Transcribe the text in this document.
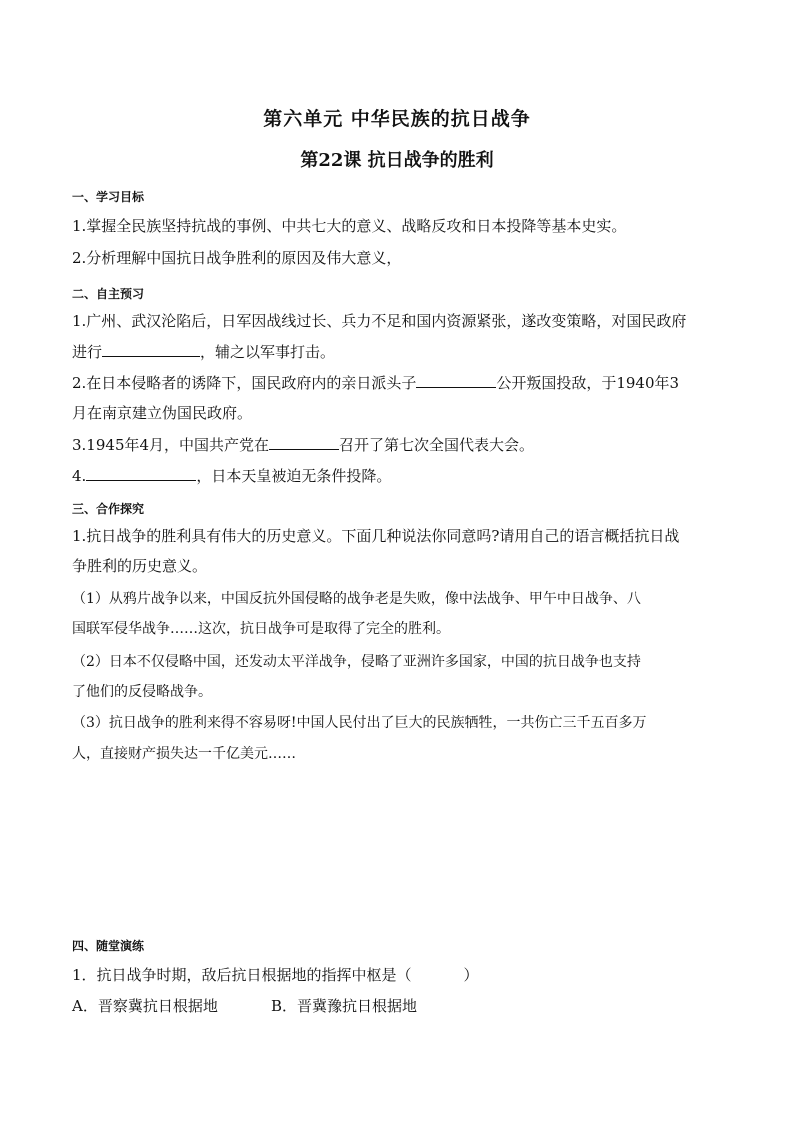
第六单元 中华民族的抗日战争
第22课 抗日战争的胜利
一、学习目标
1.掌握全民族坚持抗战的事例、中共七大的意义、战略反攻和日本投降等基本史实。
2.分析理解中国抗日战争胜利的原因及伟大意义，
二、自主预习
1.广州、武汉沦陷后，日军因战线过长、兵力不足和国内资源紧张，遂改变策略，对国民政府
进行	，辅之以军事打击。
2.在日本侵略者的诱降下，国民政府内的亲日派头子	公开叛国投敌，于1940年3
月在南京建立伪国民政府。
3.1945年4月，中国共产党在	召开了第七次全国代表大会。
4.	，日本天皇被迫无条件投降。
三、合作探究
1.抗日战争的胜利具有伟大的历史意义。下面几种说法你同意吗?请用自己的语言概括抗日战
争胜利的历史意义。
（1）从鸦片战争以来，中国反抗外国侵略的战争老是失败，像中法战争、甲午中日战争、八
国联军侵华战争……这次，抗日战争可是取得了完全的胜利。
（2）日本不仅侵略中国，还发动太平洋战争，侵略了亚洲许多国家，中国的抗日战争也支持
了他们的反侵略战争。
（3）抗日战争的胜利来得不容易呀!中国人民付出了巨大的民族牺牲，一共伤亡三千五百多万
人，直接财产损失达一千亿美元……
四、随堂演练
1．抗日战争时期，敌后抗日根据地的指挥中枢是（	）
A．晋察冀抗日根据地	B．晋冀豫抗日根据地
